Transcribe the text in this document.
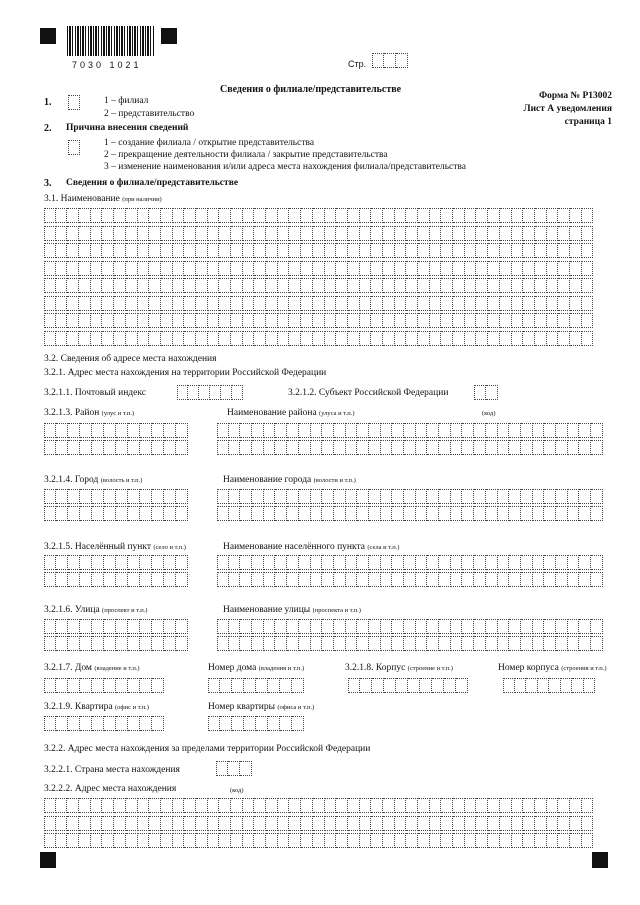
7030 1021	Стр.
Сведения о филиале/представительстве
Форма № Р13002
Лист А уведомления
страница 1
1.	1 – филиал
2 – представительство
2. Причина внесения сведений
1 – создание филиала / открытие представительства
2 – прекращение деятельности филиала / закрытие представительства
3 – изменение наименования и/или адреса места нахождения филиала/представительства
3. Сведения о филиале/представительстве
3.1. Наименование (при наличии)
3.2. Сведения об адресе места нахождения
3.2.1. Адрес места нахождения на территории Российской Федерации
3.2.1.1. Почтовый индекс	3.2.1.2. Субъект Российской Федерации
3.2.1.3. Район (улус и т.п.)	Наименование района (улуса и т.п.)	(код)
3.2.1.4. Город (волость и т.п.)	Наименование города (волости и т.п.)
3.2.1.5. Населённый пункт (село и т.п.)	Наименование населённого пункта (села и т.п.)
3.2.1.6. Улица (проспект и т.п.)	Наименование улицы (проспекта и т.п.)
3.2.1.7. Дом (владение и т.п.)	Номер дома (владения и т.п.)	3.2.1.8. Корпус (строение и т.п.)	Номер корпуса (строения и т.п.)
3.2.1.9. Квартира (офис и т.п.)	Номер квартиры (офиса и т.п.)
3.2.2. Адрес места нахождения за пределами территории Российской Федерации
3.2.2.1. Страна места нахождения
3.2.2.2. Адрес места нахождения	(код)
